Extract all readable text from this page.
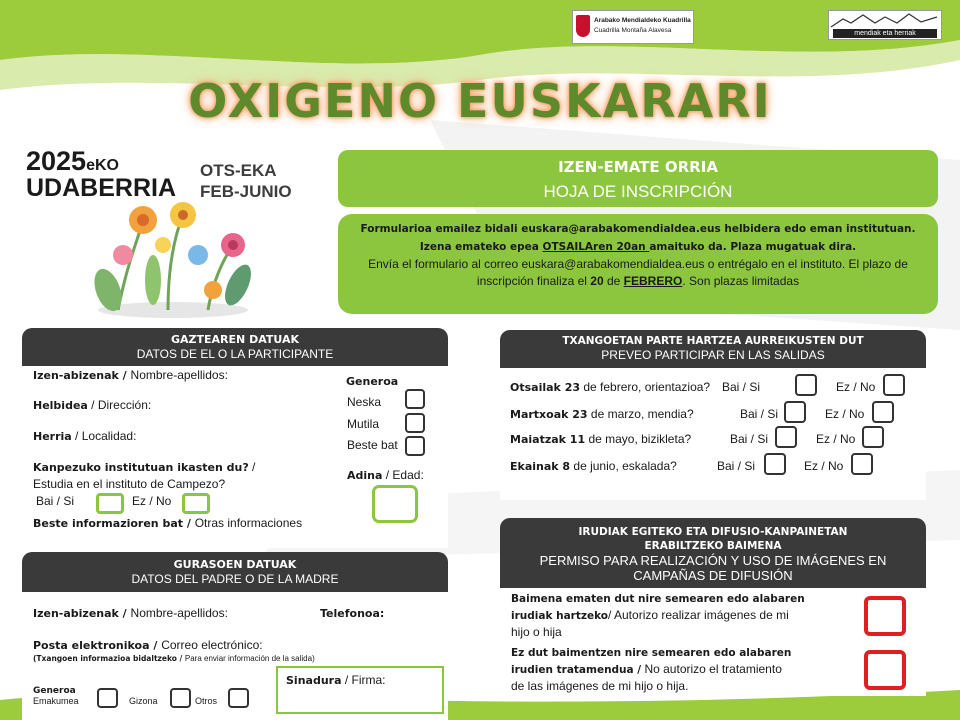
Arabako Mendialdeko Kuadrilla
Cuadrilla Montaña Alavesa	mendiak eta herriak
OXIGENO EUSKARARI
2025eKO
UDABERRIA
OTS-EKA
FEB-JUNIO
IZEN-EMATE ORRIA
HOJA DE INSCRIPCIÓN
Formularioa emailez bidali euskara@arabakomendialdea.eus helbidera edo eman institutuan. Izena emateko epea OTSAILAren 20an amaituko da. Plaza mugatuak dira.
Envía el formulario al correo euskara@arabakomendialdea.eus o entrégalo en el instituto. El plazo de inscripción finaliza el 20 de FEBRERO. Son plazas limitadas
GAZTEAREN DATUAK
DATOS DE EL O LA PARTICIPANTE
Izen-abizenak / Nombre-apellidos:
Helbidea / Dirección:
Herria / Localidad:
Kanpezuko institutuan ikasten du? / Estudia en el instituto de Campezo?
Bai / Si	Ez / No
Beste informazioren bat / Otras informaciones
Generoa
Neska
Mutila
Beste bat
Adina / Edad:
GURASOEN DATUAK
DATOS DEL PADRE O DE LA MADRE
Izen-abizenak / Nombre-apellidos:	Telefonoa:
Posta elektronikoa / Correo electrónico:
(Txangoen informazioa bidaltzeko / Para enviar información de la salida)
Generoa
Emakumea	Gizona	Otros
Sinadura / Firma:
TXANGOETAN PARTE HARTZEA AURREIKUSTEN DUT
PREVEO PARTICIPAR EN LAS SALIDAS
Otsailak 23 de febrero, orientazioa? Bai / Si	Ez / No
Martxoak 23 de marzo, mendia?	Bai / Si	Ez / No
Maiatzak 11 de mayo, bizikleta?	Bai / Si	Ez / No
Ekainak 8 de junio, eskalada?	Bai / Si	Ez / No
IRUDIAK EGITEKO ETA DIFUSIO-KANPAINETAN
ERABILTZEKO BAIMENA
PERMISO PARA REALIZACIÓN Y USO DE IMÁGENES EN
CAMPAÑAS DE DIFUSIÓN
Baimena ematen dut nire semearen edo alabaren
irudiak hartzeko/ Autorizo realizar imágenes de mi
hijo o hija
Ez dut baimentzen nire semearen edo alabaren
irudien tratamendua / No autorizo el tratamiento
de las imágenes de mi hijo o hija.
